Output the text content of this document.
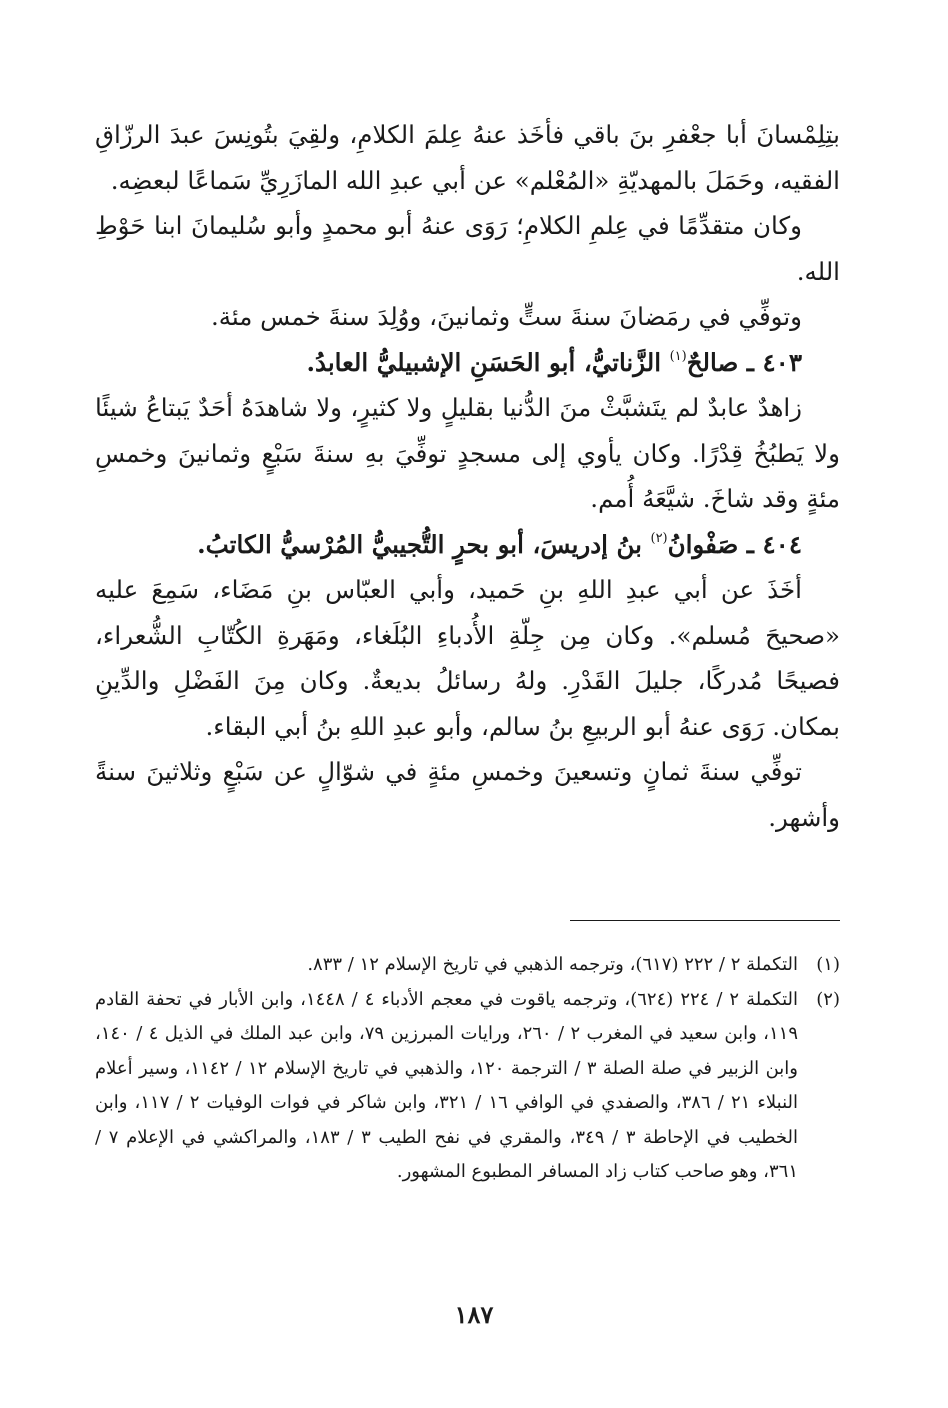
بتِلِمْسانَ أبا جعْفرِ بنَ باقي فأخَذ عنهُ عِلمَ الكلامِ، ولقِيَ بتُونِسَ عبدَ الرزّاقِ الفقيه، وحَمَلَ بالمهديّةِ «المُعْلم» عن أبي عبدِ الله المازَرِيِّ سَماعًا لبعضِه.

وكان متقدِّمًا في عِلمِ الكلامِ؛ رَوَى عنهُ أبو محمدٍ وأبو سُليمانَ ابنا حَوْطِ الله.

وتوفِّي في رمَضانَ سنةَ ستٍّ وثمانينَ، ووُلِدَ سنةَ خمس مئة.

٤٠٣ ـ صالحٌ$^{(١)}$ الزَّناتيُّ، أبو الحَسَنِ الإشبيليُّ العابدُ.

زاهدٌ عابدٌ لم يتَشبَّثْ منَ الدُّنيا بقليلٍ ولا كثيرٍ، ولا شاهدَهُ أحَدٌ يَبتاعُ شيئًا ولا يَطبُخُ قِدْرًا. وكان يأوي إلى مسجدٍ توفِّيَ بهِ سنةَ سَبْعٍ وثمانينَ وخمسِ مئةٍ وقد شاخَ. شيَّعَهُ أُمم.

٤٠٤ ـ صَفْوانُ$^{(٢)}$ بنُ إدريسَ، أبو بحرٍ التُّجيبيُّ المُرْسيُّ الكاتبُ.

أخَذَ عن أبي عبدِ اللهِ بنِ حَميد، وأبي العبّاس بنِ مَضَاء، سَمِعَ عليه «صحيحَ مُسلم». وكان مِن جِلّةِ الأُدباءِ البُلَغاء، ومَهَرةِ الكُتّابِ الشُّعراء، فصيحًا مُدركًا، جليلَ القَدْرِ. ولهُ رسائلُ بديعةٌ. وكان مِنَ الفَضْلِ والدِّينِ بمكان. رَوَى عنهُ أبو الربيعِ بنُ سالم، وأبو عبدِ اللهِ بنُ أبي البقاء.

توفِّي سنةَ ثمانٍ وتسعينَ وخمسِ مئةٍ في شوّالٍ عن سَبْعٍ وثلاثينَ سنةً وأشهر.

(١)
التكملة ٢ / ٢٢٢ (٦١٧)، وترجمه الذهبي في تاريخ الإسلام ١٢ / ٨٣٣.
(٢)
التكملة ٢ / ٢٢٤ (٦٢٤)، وترجمه ياقوت في معجم الأدباء ٤ / ١٤٤٨، وابن الأبار في تحفة القادم ١١٩، وابن سعيد في المغرب ٢ / ٢٦٠، ورايات المبرزين ٧٩، وابن عبد الملك في الذيل ٤ / ١٤٠، وابن الزبير في صلة الصلة ٣ / الترجمة ١٢٠، والذهبي في تاريخ الإسلام ١٢ / ١١٤٢، وسير أعلام النبلاء ٢١ / ٣٨٦، والصفدي في الوافي ١٦ / ٣٢١، وابن شاكر في فوات الوفيات ٢ / ١١٧، وابن الخطيب في الإحاطة ٣ / ٣٤٩، والمقري في نفح الطيب ٣ / ١٨٣، والمراكشي في الإعلام ٧ / ٣٦١، وهو صاحب كتاب زاد المسافر المطبوع المشهور.
١٨٧
